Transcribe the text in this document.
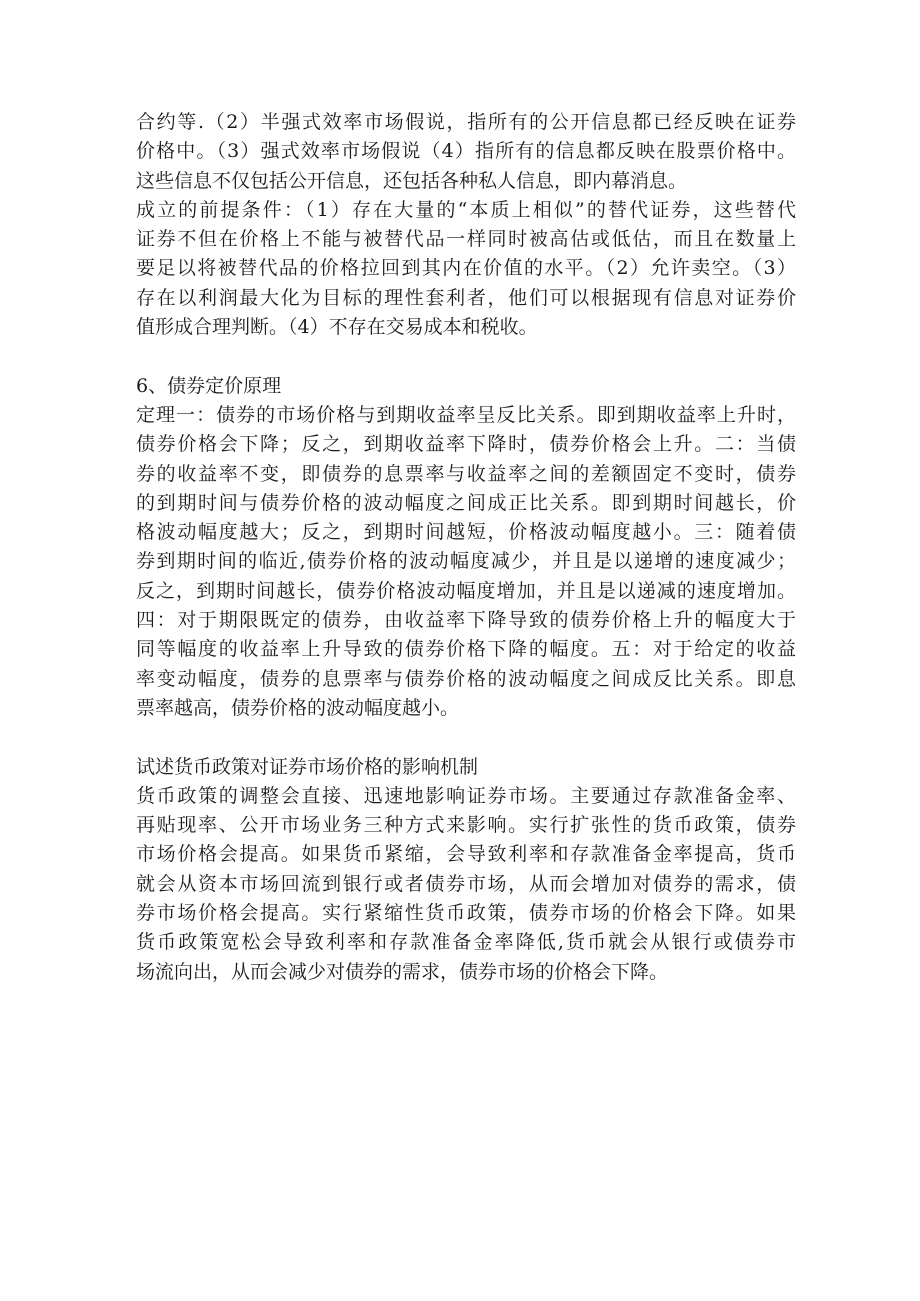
合约等.（2）半强式效率市场假说，指所有的公开信息都已经反映在证券
价格中。（3）强式效率市场假说（4）指所有的信息都反映在股票价格中。
这些信息不仅包括公开信息，还包括各种私人信息，即内幕消息。
成立的前提条件：（1）存在大量的“本质上相似”的替代证券，这些替代
证券不但在价格上不能与被替代品一样同时被高估或低估，而且在数量上
要足以将被替代品的价格拉回到其内在价值的水平。（2）允许卖空。（3）
存在以利润最大化为目标的理性套利者，他们可以根据现有信息对证券价
值形成合理判断。（4）不存在交易成本和税收。
6、债券定价原理
定理一：债券的市场价格与到期收益率呈反比关系。即到期收益率上升时，
债券价格会下降；反之，到期收益率下降时，债券价格会上升。二：当债
券的收益率不变，即债券的息票率与收益率之间的差额固定不变时，债券
的到期时间与债券价格的波动幅度之间成正比关系。即到期时间越长，价
格波动幅度越大；反之，到期时间越短，价格波动幅度越小。三：随着债
券到期时间的临近,债券价格的波动幅度减少，并且是以递增的速度减少；
反之，到期时间越长，债券价格波动幅度增加，并且是以递减的速度增加。
四：对于期限既定的债券，由收益率下降导致的债券价格上升的幅度大于
同等幅度的收益率上升导致的债券价格下降的幅度。五：对于给定的收益
率变动幅度，债券的息票率与债券价格的波动幅度之间成反比关系。即息
票率越高，债券价格的波动幅度越小。
试述货币政策对证券市场价格的影响机制
货币政策的调整会直接、迅速地影响证券市场。主要通过存款准备金率、
再贴现率、公开市场业务三种方式来影响。实行扩张性的货币政策，债券
市场价格会提高。如果货币紧缩，会导致利率和存款准备金率提高，货币
就会从资本市场回流到银行或者债券市场，从而会增加对债券的需求，债
券市场价格会提高。实行紧缩性货币政策，债券市场的价格会下降。如果
货币政策宽松会导致利率和存款准备金率降低,货币就会从银行或债券市
场流向出，从而会减少对债券的需求，债券市场的价格会下降。
